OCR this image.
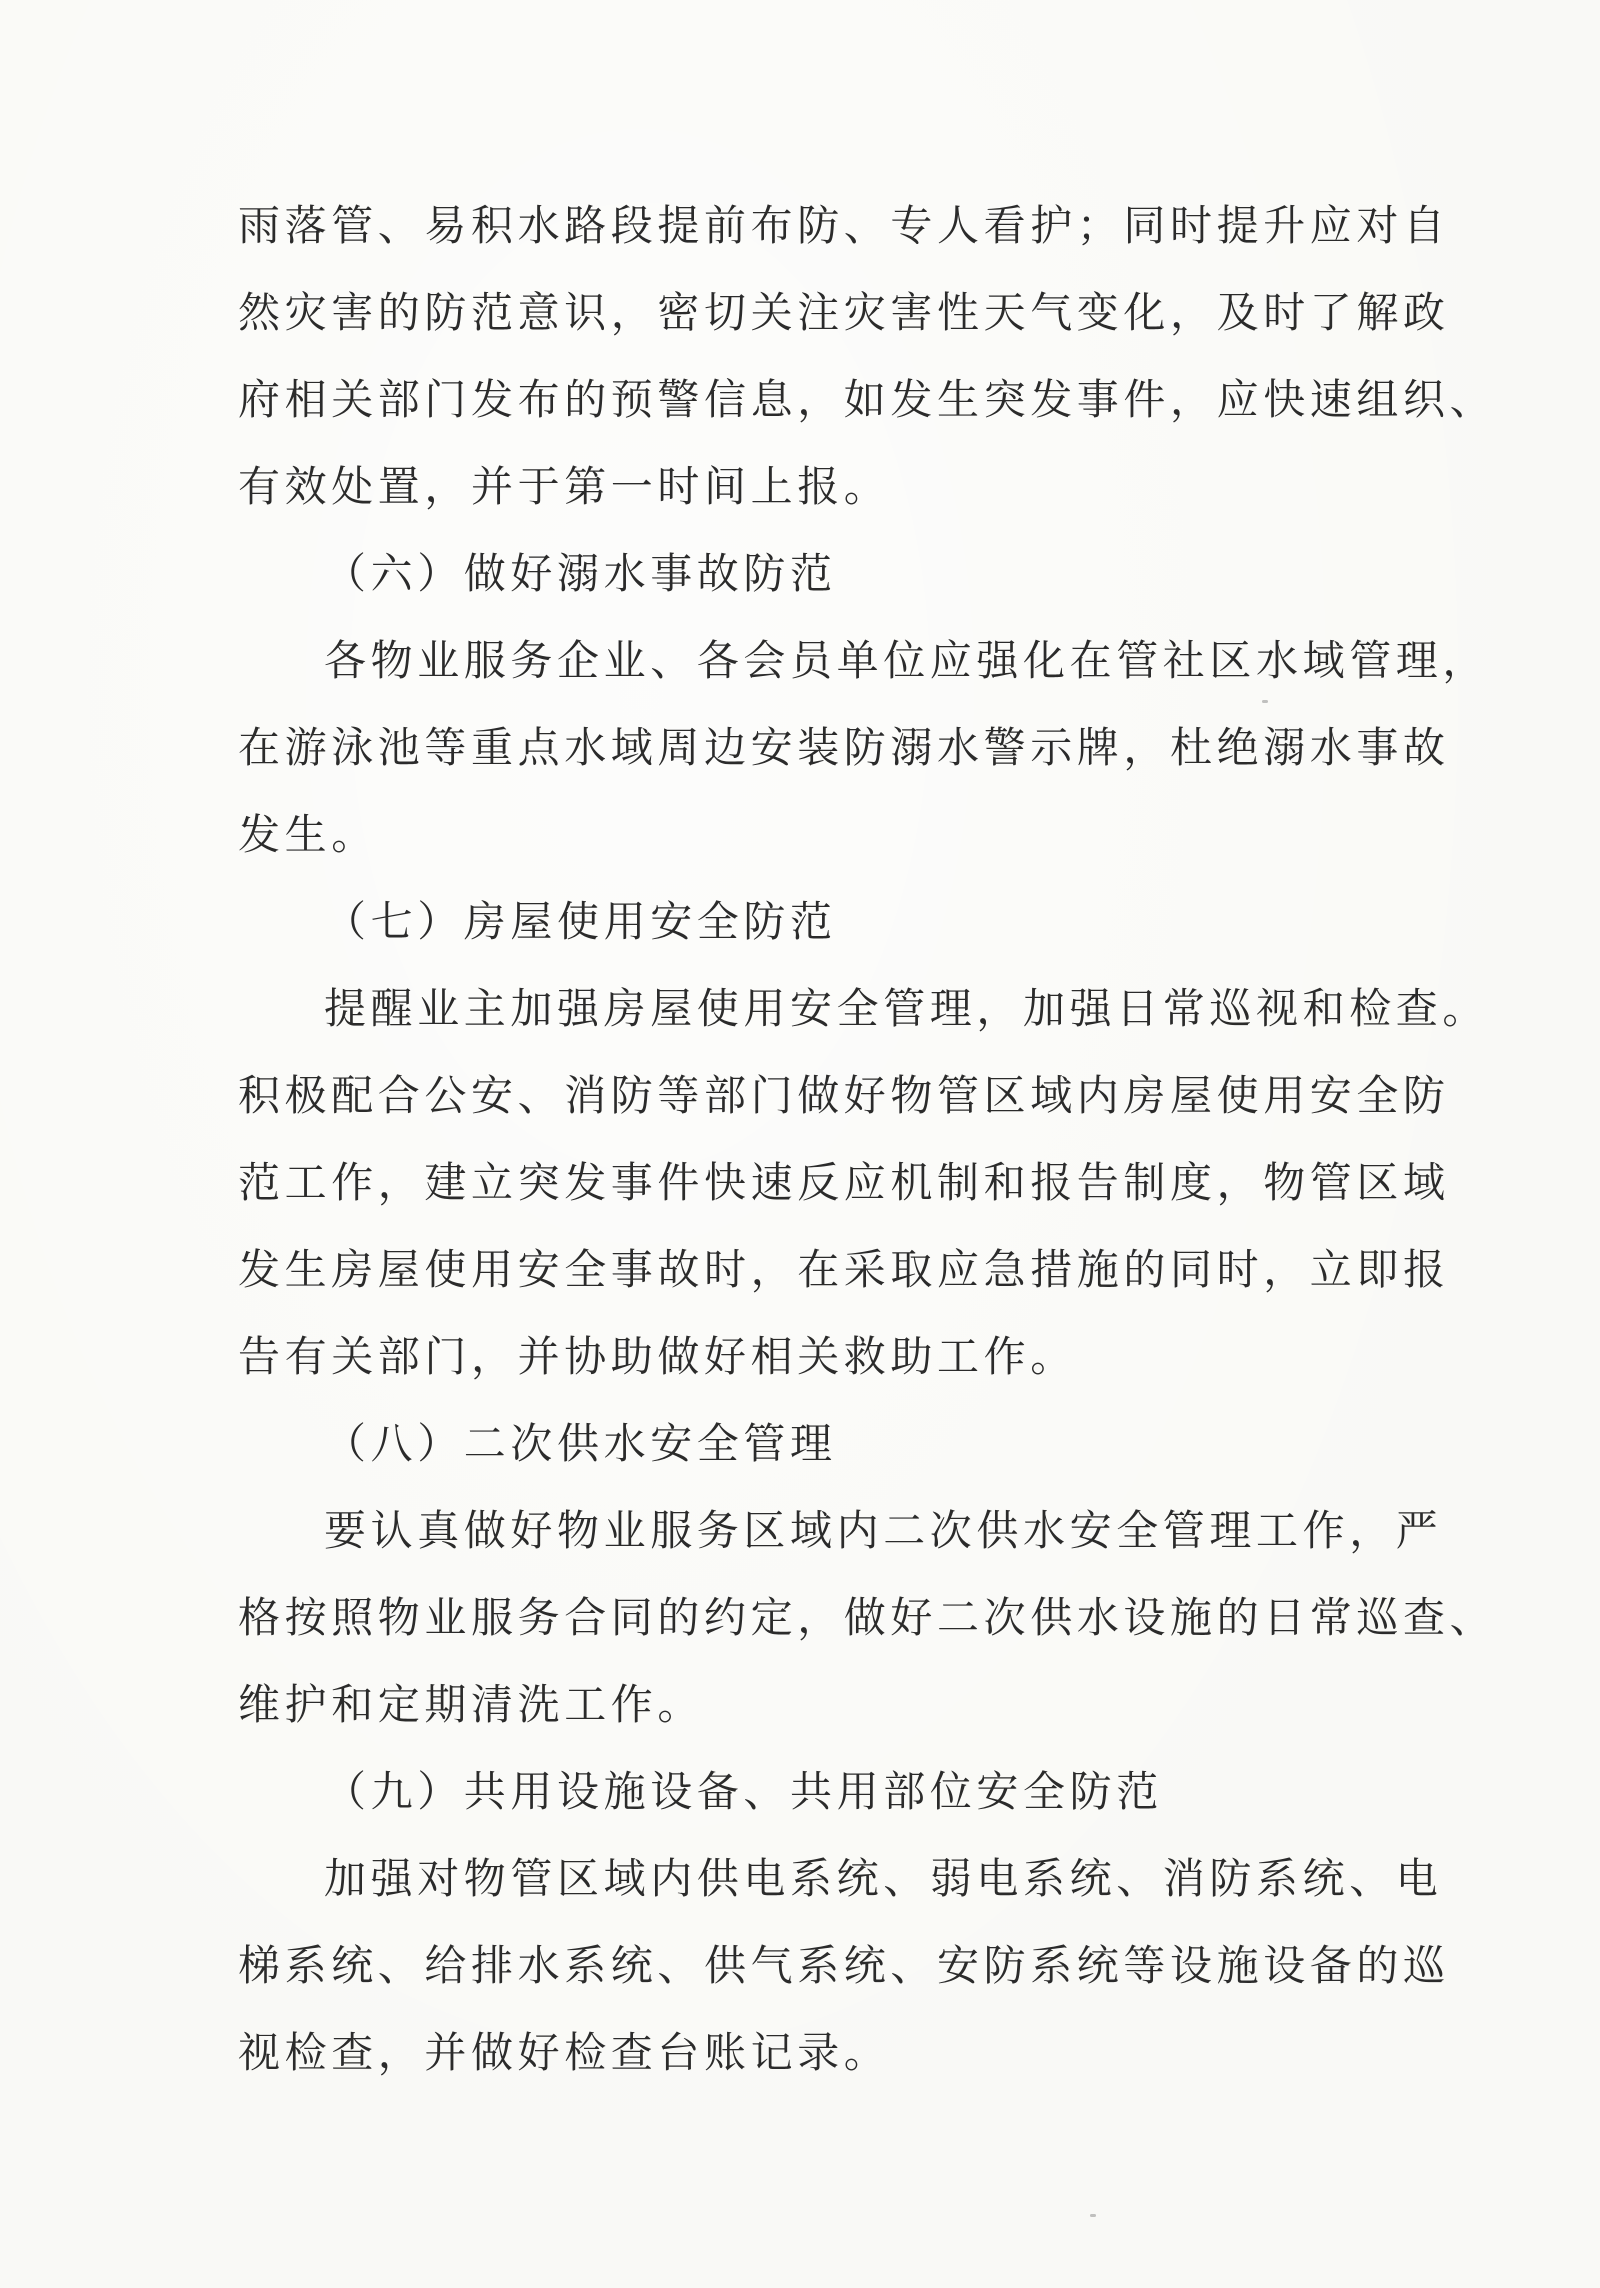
雨落管、易积水路段提前布防、专人看护；同时提升应对自
然灾害的防范意识，密切关注灾害性天气变化，及时了解政
府相关部门发布的预警信息，如发生突发事件，应快速组织、
有效处置，并于第一时间上报。
（六）做好溺水事故防范
各物业服务企业、各会员单位应强化在管社区水域管理，
在游泳池等重点水域周边安装防溺水警示牌，杜绝溺水事故
发生。
（七）房屋使用安全防范
提醒业主加强房屋使用安全管理，加强日常巡视和检查。
积极配合公安、消防等部门做好物管区域内房屋使用安全防
范工作，建立突发事件快速反应机制和报告制度，物管区域
发生房屋使用安全事故时，在采取应急措施的同时，立即报
告有关部门，并协助做好相关救助工作。
（八）二次供水安全管理
要认真做好物业服务区域内二次供水安全管理工作，严
格按照物业服务合同的约定，做好二次供水设施的日常巡查、
维护和定期清洗工作。
（九）共用设施设备、共用部位安全防范
加强对物管区域内供电系统、弱电系统、消防系统、电
梯系统、给排水系统、供气系统、安防系统等设施设备的巡
视检查，并做好检查台账记录。
